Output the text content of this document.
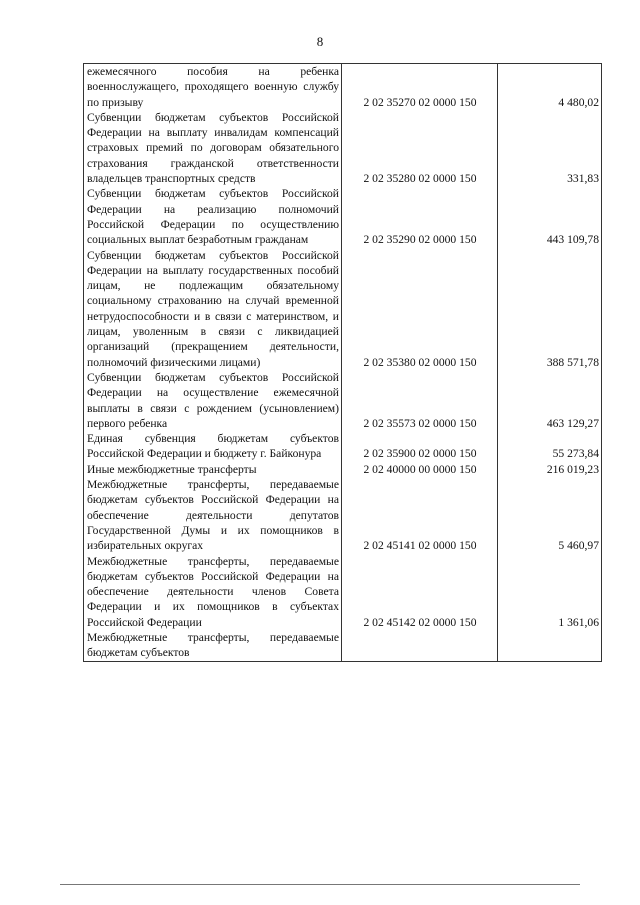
8
ежемесячного пособия на ребенка военнослужащего, проходящего военную службу по призыву	2 02 35270 02 0000 150	4 480,02
Субвенции бюджетам субъектов Российской Федерации на выплату инвалидам компенсаций страховых премий по договорам обязательного страхования гражданской ответственности владельцев транспортных средств	2 02 35280 02 0000 150	331,83
Субвенции бюджетам субъектов Российской Федерации на реализацию полномочий Российской Федерации по осуществлению социальных выплат безработным гражданам	2 02 35290 02 0000 150	443 109,78
Субвенции бюджетам субъектов Российской Федерации на выплату государственных пособий лицам, не подлежащим обязательному социальному страхованию на случай временной нетрудоспособности и в связи с материнством, и лицам, уволенным в связи с ликвидацией организаций (прекращением деятельности, полномочий физическими лицами)	2 02 35380 02 0000 150	388 571,78
Субвенции бюджетам субъектов Российской Федерации на осуществление ежемесячной выплаты в связи с рождением (усыновлением) первого ребенка	2 02 35573 02 0000 150	463 129,27
Единая субвенция бюджетам субъектов Российской Федерации и бюджету г. Байконура	2 02 35900 02 0000 150	55 273,84
Иные межбюджетные трансферты	2 02 40000 00 0000 150	216 019,23
Межбюджетные трансферты, передаваемые бюджетам субъектов Российской Федерации на обеспечение деятельности депутатов Государственной Думы и их помощников в избирательных округах	2 02 45141 02 0000 150	5 460,97
Межбюджетные трансферты, передаваемые бюджетам субъектов Российской Федерации на обеспечение деятельности членов Совета Федерации и их помощников в субъектах Российской Федерации	2 02 45142 02 0000 150	1 361,06
Межбюджетные трансферты, передаваемые бюджетам субъектов		
